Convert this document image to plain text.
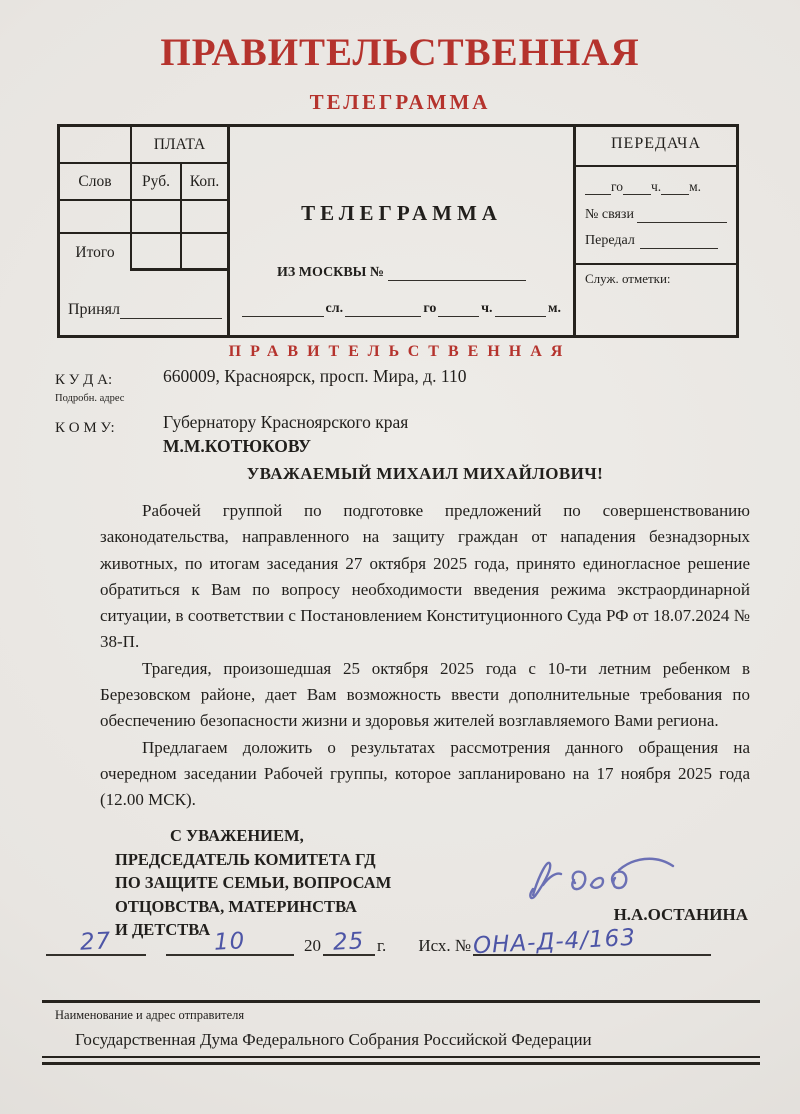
ПРАВИТЕЛЬСТВЕННАЯ
ТЕЛЕГРАММА
ПЛАТА
Слов	Руб.	Коп.
Итого
Принял
ТЕЛЕГРАММА
ИЗ МОСКВЫ №
сл.	го	ч.	м.
ПЕРЕДАЧА
го ч. м.
№ связи
Передал
Служ. отметки:
ПРАВИТЕЛЬСТВЕННАЯ
К У Д А:
Подробн. адрес
660009, Красноярск, просп. Мира, д. 110
К О М У:	Губернатору Красноярского края
М.М.КОТЮКОВУ
УВАЖАЕМЫЙ МИХАИЛ МИХАЙЛОВИЧ!

Рабочей группой по подготовке предложений по совершенствованию законодательства, направленного на защиту граждан от нападения безнадзорных животных, по итогам заседания 27 октября 2025 года, принято единогласное решение обратиться к Вам по вопросу необходимости введения режима экстраординарной ситуации, в соответствии с Постановлением Конституционного Суда РФ от 18.07.2024 № 38-П.

Трагедия, произошедшая 25 октября 2025 года с 10-ти летним ребенком в Березовском районе, дает Вам возможность ввести дополнительные требования по обеспечению безопасности жизни и здоровья жителей возглавляемого Вами региона.

Предлагаем доложить о результатах рассмотрения данного обращения на очередном заседании Рабочей группы, которое запланировано на 17 ноября 2025 года (12.00 МСК).

С УВАЖЕНИЕМ,
ПРЕДСЕДАТЕЛЬ КОМИТЕТА ГД
ПО ЗАЩИТЕ СЕМЬИ, ВОПРОСАМ
ОТЦОВСТВА, МАТЕРИНСТВА
И ДЕТСТВА
Н.А.ОСТАНИНА
27	10	20 25 г. Исх. № ОНА-Д-4/163
Наименование и адрес отправителя
Государственная Дума Федерального Собрания Российской Федерации
